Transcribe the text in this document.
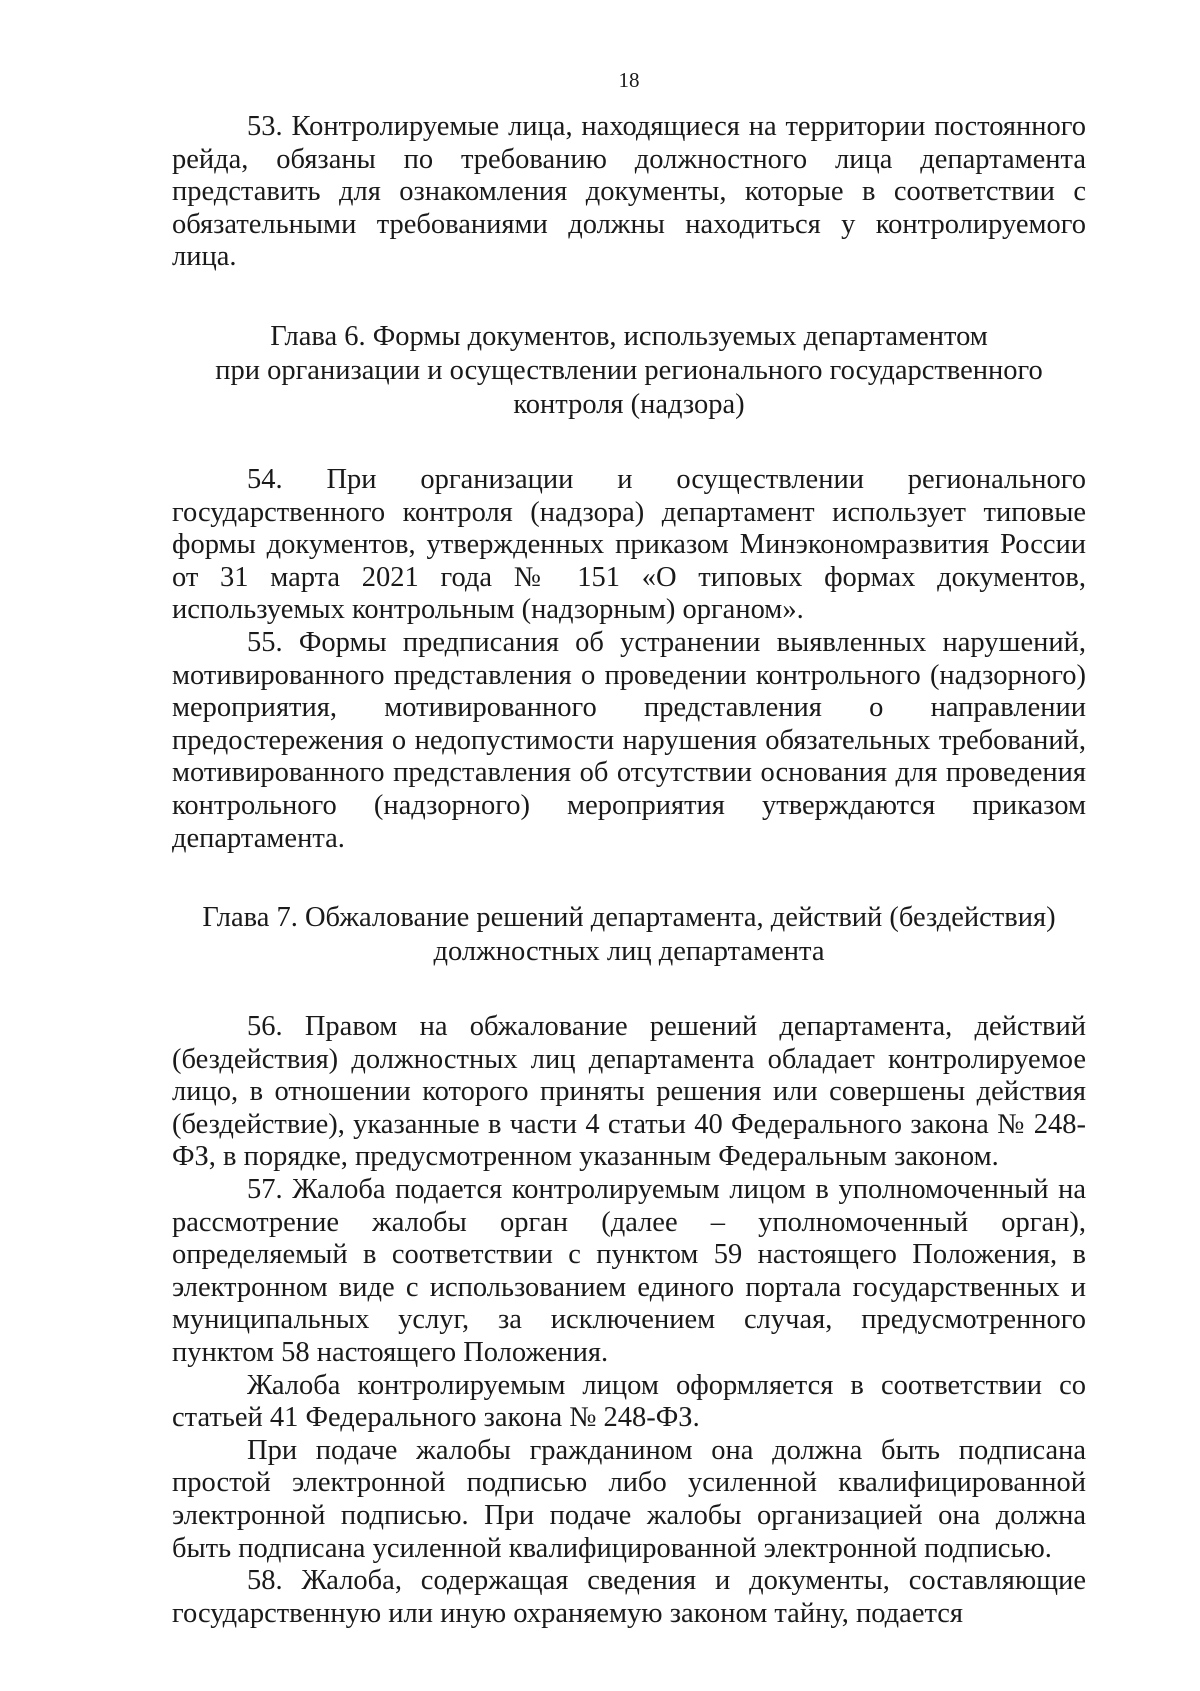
18

53. Контролируемые лица, находящиеся на территории постоянного рейда, обязаны по требованию должностного лица департамента представить для ознакомления документы, которые в соответствии с обязательными требованиями должны находиться у контролируемого лица.

Глава 6. Формы документов, используемых департаментом
при организации и осуществлении регионального государственного
контроля (надзора)

54. При организации и осуществлении регионального государственного контроля (надзора) департамент использует типовые формы документов, утвержденных приказом Минэкономразвития России от 31 марта 2021 года № 151 «О типовых формах документов, используемых контрольным (надзорным) органом».

55. Формы предписания об устранении выявленных нарушений, мотивированного представления о проведении контрольного (надзорного) мероприятия, мотивированного представления о направлении предостережения о недопустимости нарушения обязательных требований, мотивированного представления об отсутствии основания для проведения контрольного (надзорного) мероприятия утверждаются приказом департамента.

Глава 7. Обжалование решений департамента, действий (бездействия)
должностных лиц департамента

56. Правом на обжалование решений департамента, действий (бездействия) должностных лиц департамента обладает контролируемое лицо, в отношении которого приняты решения или совершены действия (бездействие), указанные в части 4 статьи 40 Федерального закона № 248-ФЗ, в порядке, предусмотренном указанным Федеральным законом.

57. Жалоба подается контролируемым лицом в уполномоченный на рассмотрение жалобы орган (далее – уполномоченный орган), определяемый в соответствии с пунктом 59 настоящего Положения, в электронном виде с использованием единого портала государственных и муниципальных услуг, за исключением случая, предусмотренного пунктом 58 настоящего Положения.

Жалоба контролируемым лицом оформляется в соответствии со статьей 41 Федерального закона № 248-ФЗ.

При подаче жалобы гражданином она должна быть подписана простой электронной подписью либо усиленной квалифицированной электронной подписью. При подаче жалобы организацией она должна быть подписана усиленной квалифицированной электронной подписью.

58. Жалоба, содержащая сведения и документы, составляющие государственную или иную охраняемую законом тайну, подается
